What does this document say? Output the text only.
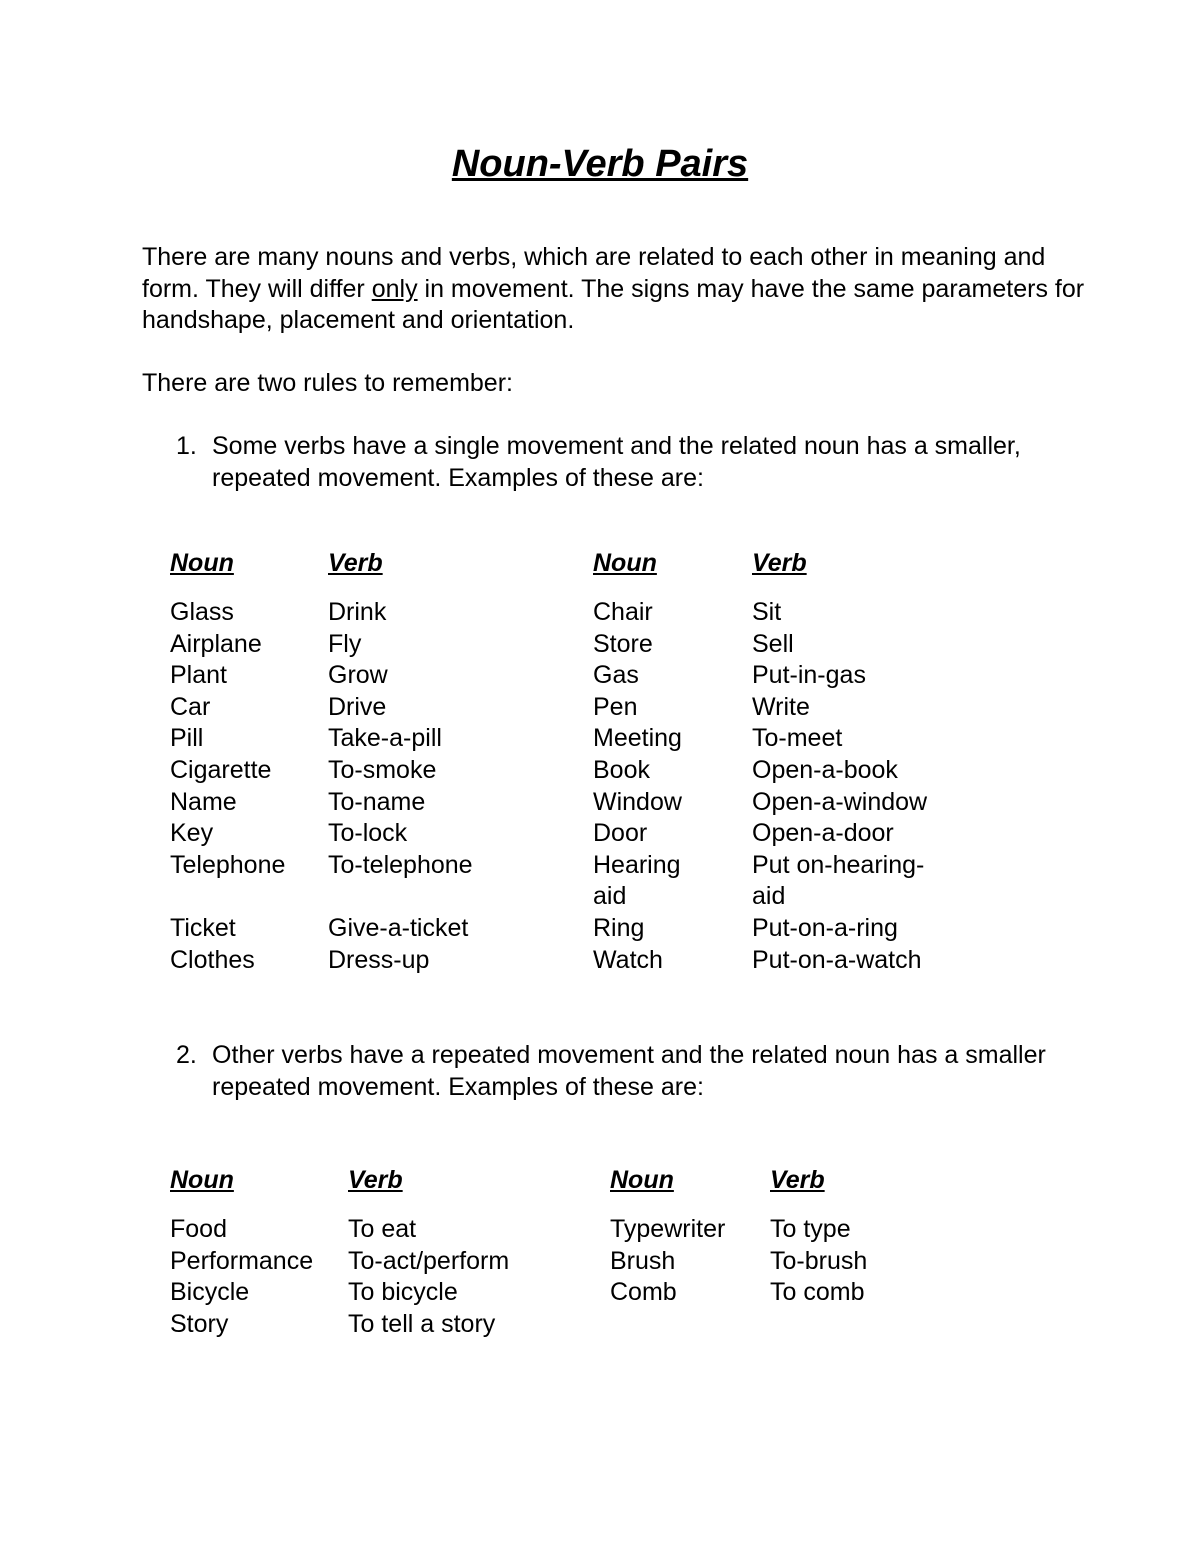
Noun-Verb Pairs

There are many nouns and verbs, which are related to each other in meaning and form. They will differ only in movement. The signs may have the same parameters for handshape, placement and orientation.

There are two rules to remember:

1. Some verbs have a single movement and the related noun has a smaller, repeated movement. Examples of these are:
Noun
Glass
Airplane
Plant
Car
Pill
Cigarette
Name
Key
Telephone

Ticket
Clothes
Verb
Drink
Fly
Grow
Drive
Take-a-pill
To-smoke
To-name
To-lock
To-telephone

Give-a-ticket
Dress-up
Noun
Chair
Store
Gas
Pen
Meeting
Book
Window
Door
Hearing
aid
Ring
Watch
Verb
Sit
Sell
Put-in-gas
Write
To-meet
Open-a-book
Open-a-window
Open-a-door
Put on-hearing-
aid
Put-on-a-ring
Put-on-a-watch
2. Other verbs have a repeated movement and the related noun has a smaller repeated movement. Examples of these are:
Noun
Food
Performance
Bicycle
Story
Verb
To eat
To-act/perform
To bicycle
To tell a story
Noun
Typewriter
Brush
Comb
Verb
To type
To-brush
To comb
